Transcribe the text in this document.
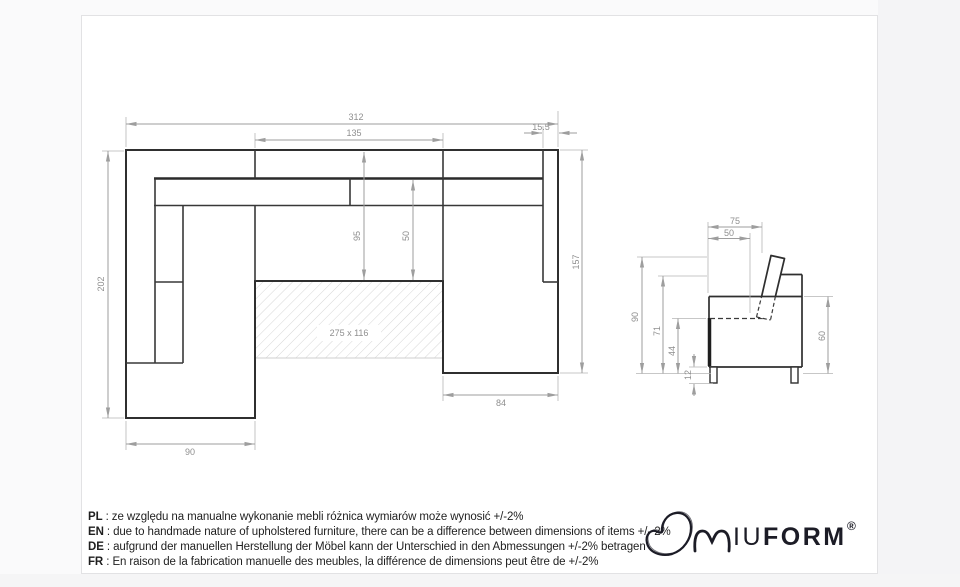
275 x 116
312
135
15.5
202
95	50
157
84
90
75
50
90
71
44
12
60
PL : ze względu na manualne wykonanie mebli różnica wymiarów może wynosić +/-2%
EN : due to handmade nature of upholstered furniture, there can be a difference between dimensions of items +/- 2%
DE : aufgrund der manuellen Herstellung der Möbel kann der Unterschied in den Abmessungen +/-2% betragen
FR : En raison de la fabrication manuelle des meubles, la différence de dimensions peut être de +/-2%
IUFORM ®
